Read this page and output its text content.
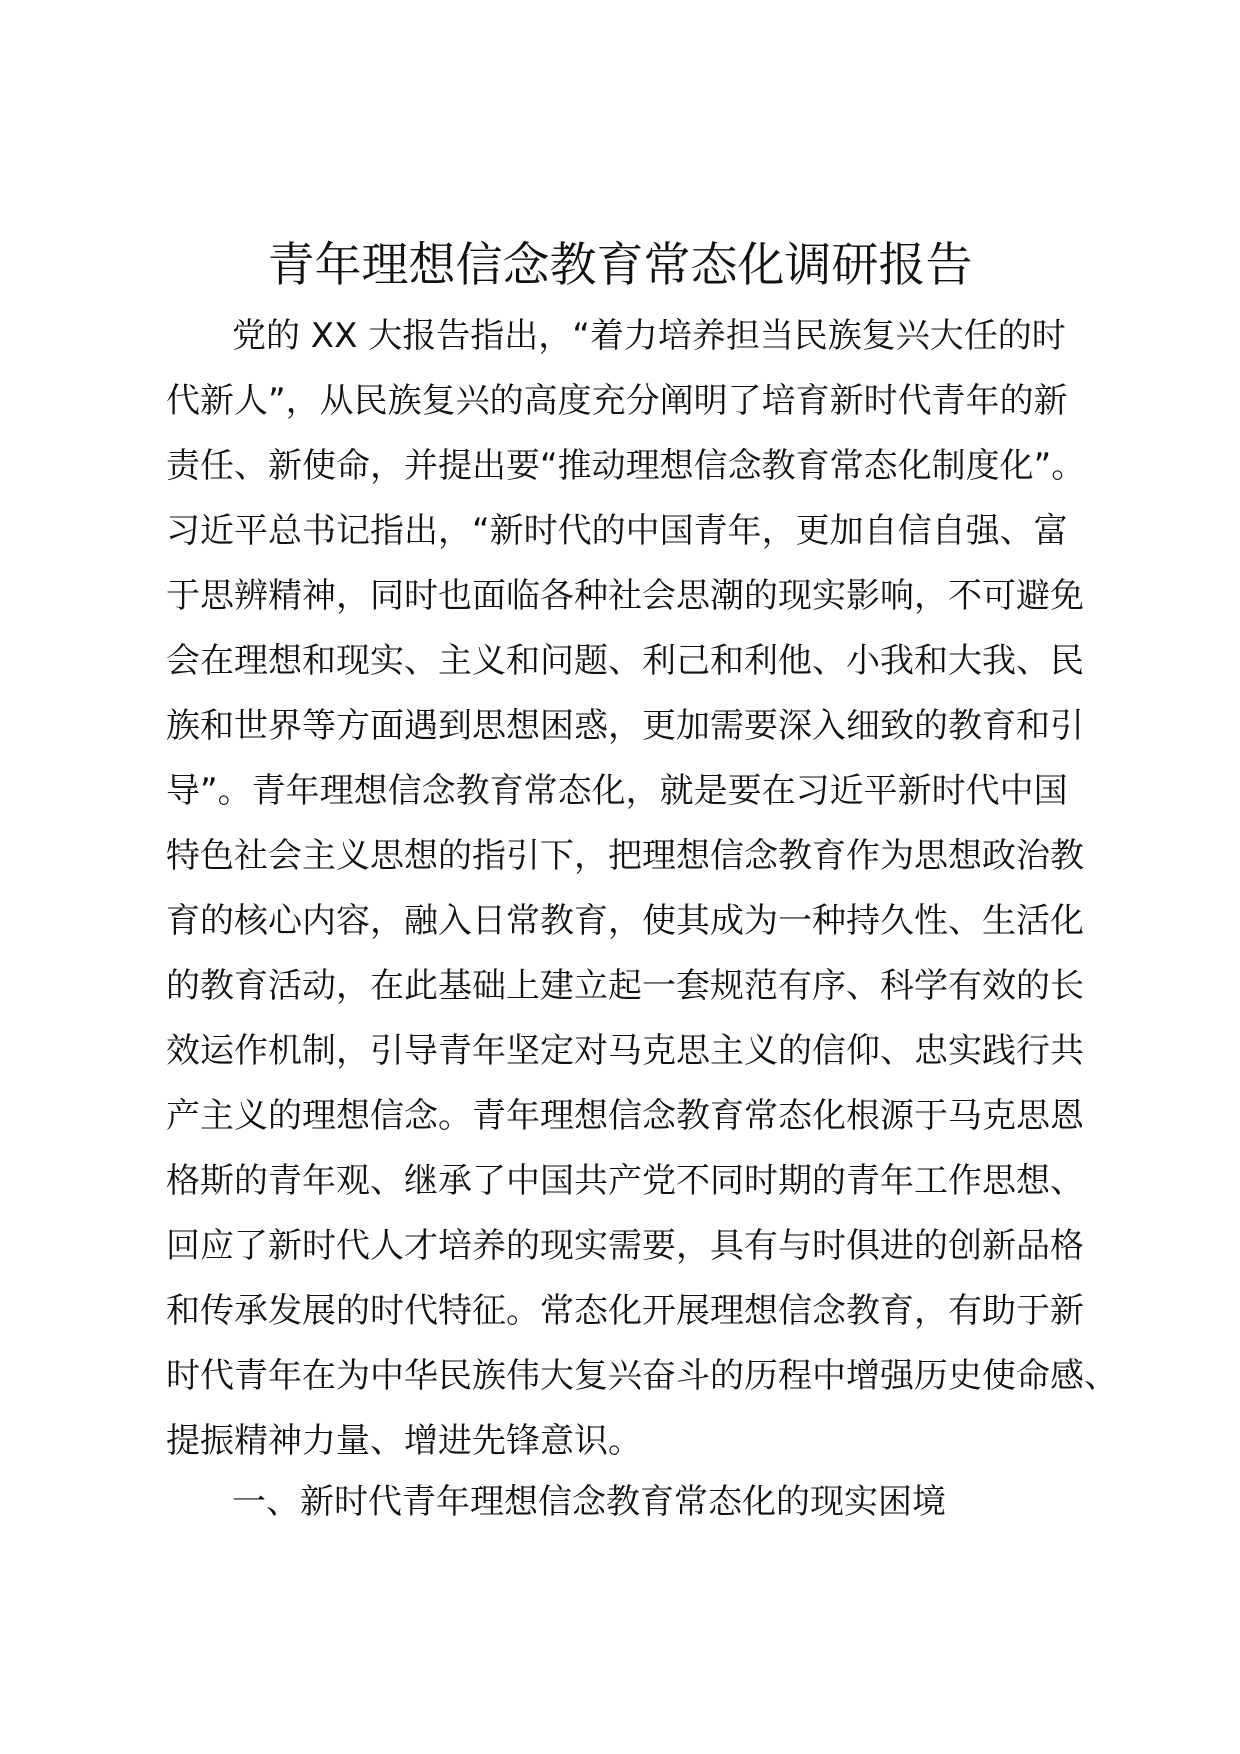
青年理想信念教育常态化调研报告
党的 XX 大报告指出，“着力培养担当民族复兴大任的时
代新人”，从民族复兴的高度充分阐明了培育新时代青年的新
责任、新使命，并提出要“推动理想信念教育常态化制度化”。
习近平总书记指出，“新时代的中国青年，更加自信自强、富
于思辨精神，同时也面临各种社会思潮的现实影响，不可避免
会在理想和现实、主义和问题、利己和利他、小我和大我、民
族和世界等方面遇到思想困惑，更加需要深入细致的教育和引
导”。青年理想信念教育常态化，就是要在习近平新时代中国
特色社会主义思想的指引下，把理想信念教育作为思想政治教
育的核心内容，融入日常教育，使其成为一种持久性、生活化
的教育活动，在此基础上建立起一套规范有序、科学有效的长
效运作机制，引导青年坚定对马克思主义的信仰、忠实践行共
产主义的理想信念。青年理想信念教育常态化根源于马克思恩
格斯的青年观、继承了中国共产党不同时期的青年工作思想、
回应了新时代人才培养的现实需要，具有与时俱进的创新品格
和传承发展的时代特征。常态化开展理想信念教育，有助于新
时代青年在为中华民族伟大复兴奋斗的历程中增强历史使命感、
提振精神力量、增进先锋意识。
一、新时代青年理想信念教育常态化的现实困境
